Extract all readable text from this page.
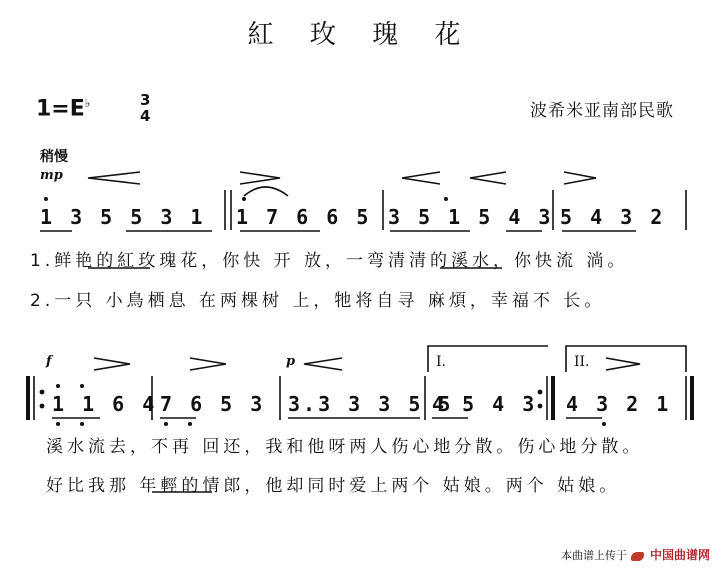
紅 玫 瑰 花
1=E♭	3
4	波希米亚南部民歌
稍慢
mp
1 3 5 5 3 1 1 7 6 6 5 3 5 1 5 4 3 5 4 3 2
1.鲜艳的紅玫瑰花，你快 开 放，一弯清清的溪水，你快流 淌。
2.一只 小鳥栖息 在两棵树 上，牠将自寻 麻煩，幸福不 长。
f	p	I.	II.
1 1 6 4 7 6 5 3 3.3 3 3 5 5
4 5 4 3 4 3 2 1
溪水流去，不再 回还，我和他呀两人伤心地分散。伤心地分散。
好比我那 年輕的情郎，他却同时爱上两个 姑娘。两个 姑娘。
本曲谱上传于 中国曲谱网
